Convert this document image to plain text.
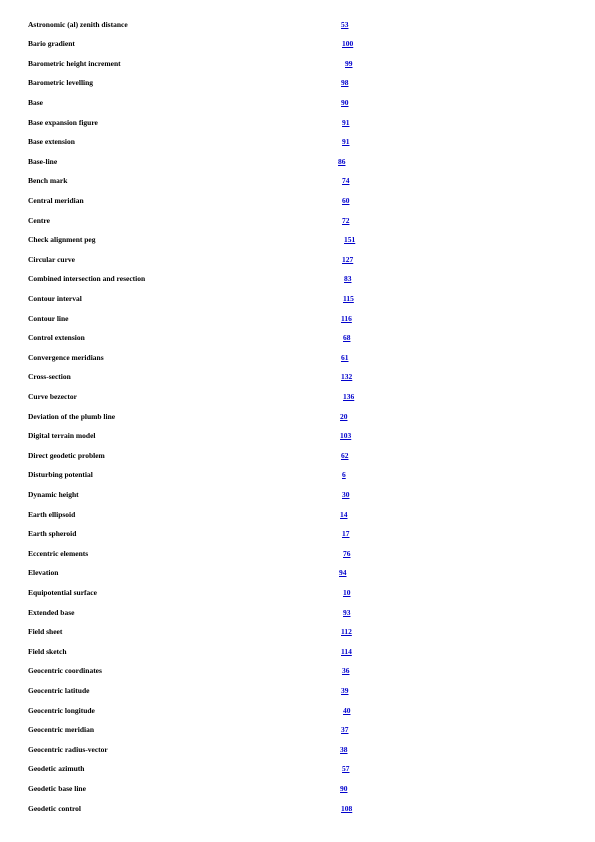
Astronomic (al) zenith distance	53
Bario gradient	100
Barometric height increment	99
Barometric levelling	98
Base	90
Base expansion figure	91
Base extension	91
Base-line	86
Bench mark	74
Central meridian	60
Centre	72
Check alignment peg	151
Circular curve	127
Combined intersection and resection	83
Contour interval	115
Contour line	116
Control extension	68
Convergence meridians	61
Cross-section	132
Curve bezector	136
Deviation of the plumb line	20
Digital terrain model	103
Direct geodetic problem	62
Disturbing potential	6
Dynamic height	30
Earth ellipsoid	14
Earth spheroid	17
Eccentric elements	76
Elevation	94
Equipotential surface	10
Extended base	93
Field sheet	112
Field sketch	114
Geocentric coordinates	36
Geocentric latitude	39
Geocentric longitude	40
Geocentric meridian	37
Geocentric radius-vector	38
Geodetic azimuth	57
Geodetic base line	90
Geodetic control	108
